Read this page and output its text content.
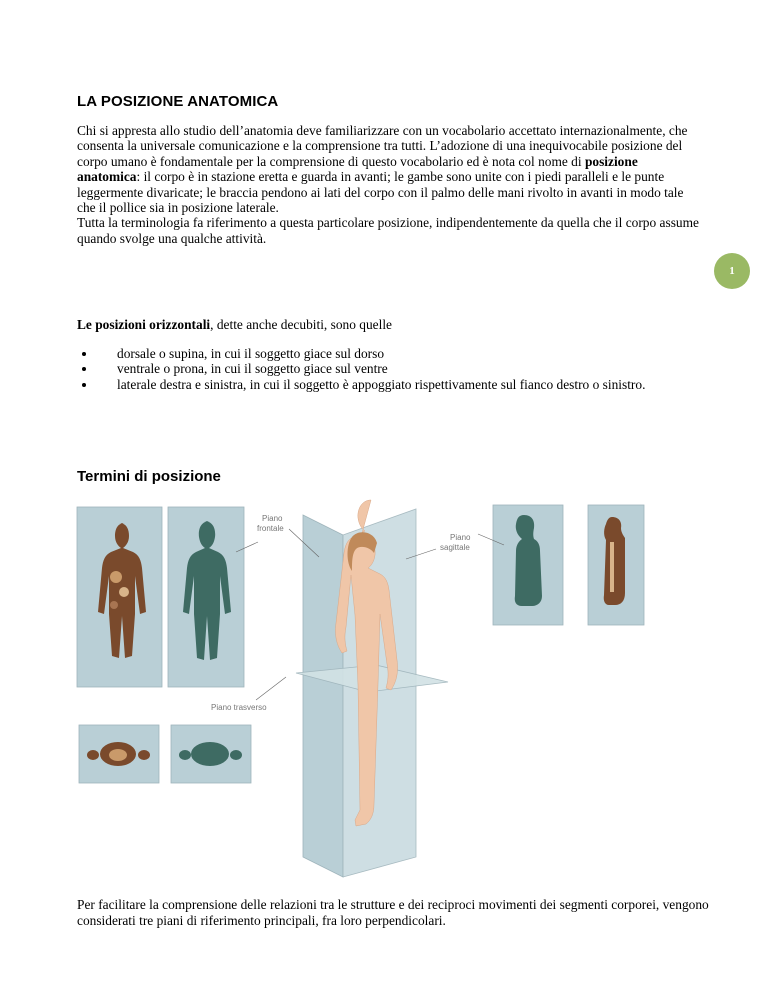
LA POSIZIONE ANATOMICA

Chi si appresta allo studio dell’anatomia deve familiarizzare con un vocabolario accettato internazionalmente, che consenta la universale comunicazione e la comprensione tra tutti. L’adozione di una inequivocabile posizione del corpo umano è fondamentale per la comprensione di questo vocabolario ed è nota col nome di posizione anatomica: il corpo è in stazione eretta e guarda in avanti; le gambe sono unite con i piedi paralleli e le punte leggermente divaricate; le braccia pendono ai lati del corpo con il palmo delle mani rivolto in avanti in modo tale che il pollice sia in posizione laterale.
Tutta la terminologia fa riferimento a questa particolare posizione, indipendentemente da quella che il corpo assume quando svolge una qualche attività.

1

Le posizioni orizzontali, dette anche decubiti, sono quelle

dorsale o supina, in cui il soggetto giace sul dorso
ventrale o prona, in cui il soggetto giace sul ventre
laterale destra e sinistra, in cui il soggetto è appoggiato rispettivamente sul fianco destro o sinistro.
Termini di posizione
Piano
frontale
Piano
sagittale
Piano trasverso

Per facilitare la comprensione delle relazioni tra le strutture e dei reciproci movimenti dei segmenti corporei, vengono considerati tre piani di riferimento principali, fra loro perpendicolari.
